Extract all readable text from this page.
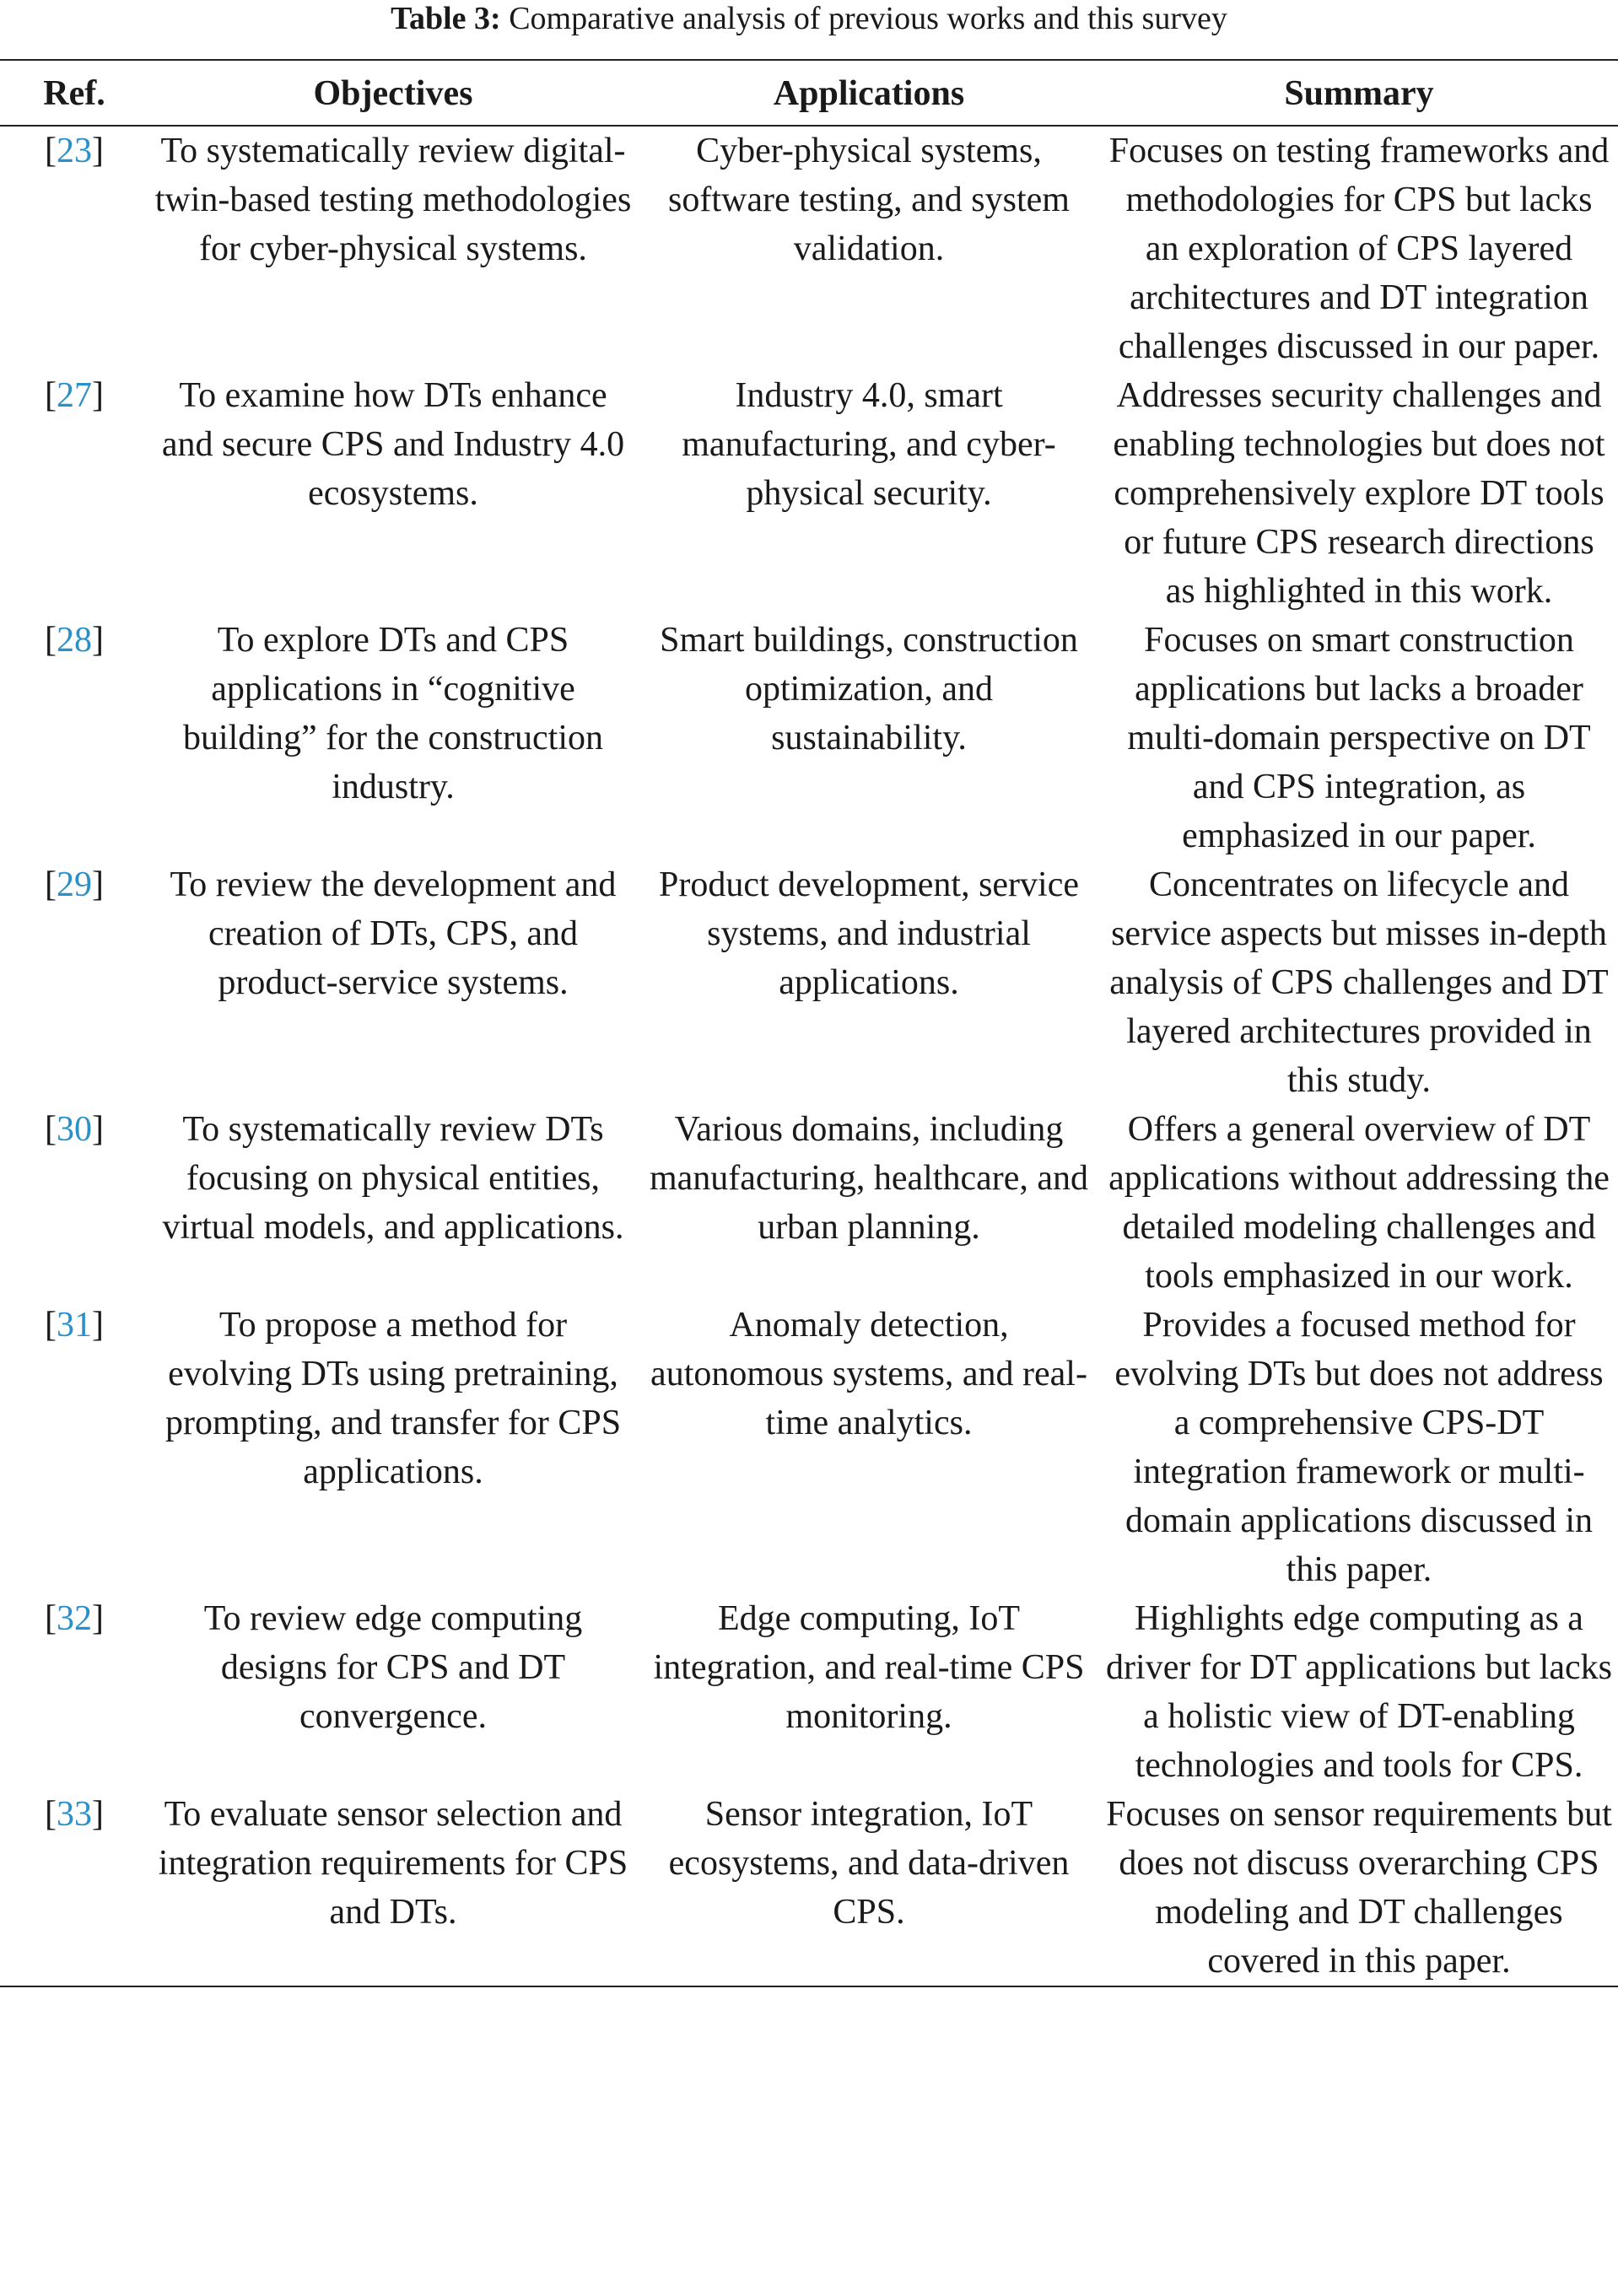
Table 3: Comparative analysis of previous works and this survey
Ref.	Objectives	Applications	Summary
[23]	To systematically review digital-twin-based testing methodologies for cyber-physical systems.	Cyber-physical systems, software testing, and system validation.	Focuses on testing frameworks and methodologies for CPS but lacks an exploration of CPS layered architectures and DT integration challenges discussed in our paper.
[27]	To examine how DTs enhance and secure CPS and Industry 4.0 ecosystems.	Industry 4.0, smart manufacturing, and cyber-physical security.	Addresses security challenges and enabling technologies but does not comprehensively explore DT tools or future CPS research directions as highlighted in this work.
[28]	To explore DTs and CPS applications in “cognitive building” for the construction industry.	Smart buildings, construction optimization, and sustainability.	Focuses on smart construction applications but lacks a broader multi-domain perspective on DT and CPS integration, as emphasized in our paper.
[29]	To review the development and creation of DTs, CPS, and product-service systems.	Product development, service systems, and industrial applications.	Concentrates on lifecycle and service aspects but misses in-depth analysis of CPS challenges and DT layered architectures provided in this study.
[30]	To systematically review DTs focusing on physical entities, virtual models, and applications.	Various domains, including manufacturing, healthcare, and urban planning.	Offers a general overview of DT applications without addressing the detailed modeling challenges and tools emphasized in our work.
[31]	To propose a method for evolving DTs using pretraining, prompting, and transfer for CPS applications.	Anomaly detection, autonomous systems, and real-time analytics.	Provides a focused method for evolving DTs but does not address a comprehensive CPS-DT integration framework or multi-domain applications discussed in this paper.
[32]	To review edge computing designs for CPS and DT convergence.	Edge computing, IoT integration, and real-time CPS monitoring.	Highlights edge computing as a driver for DT applications but lacks a holistic view of DT-enabling technologies and tools for CPS.
[33]	To evaluate sensor selection and integration requirements for CPS and DTs.	Sensor integration, IoT ecosystems, and data-driven CPS.	Focuses on sensor requirements but does not discuss overarching CPS modeling and DT challenges covered in this paper.
